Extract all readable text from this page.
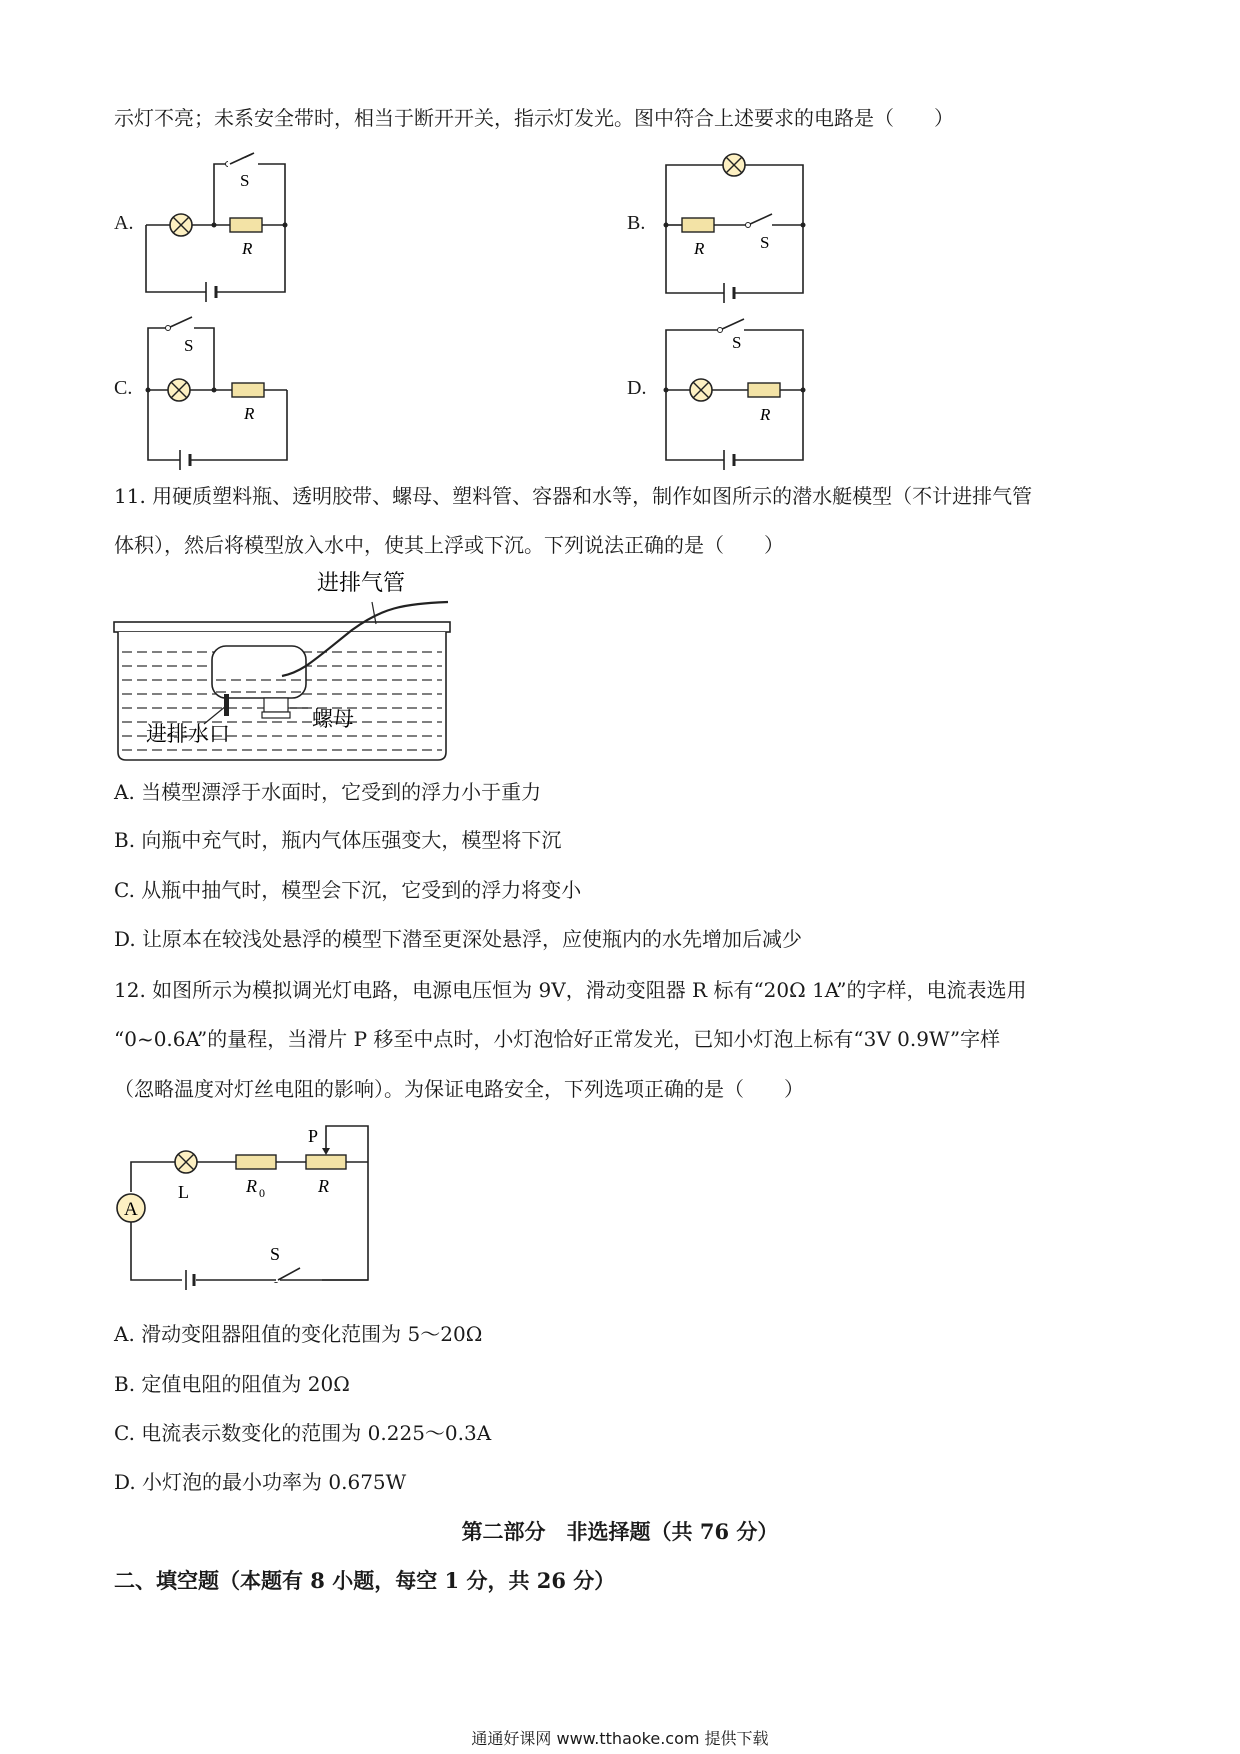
示灯不亮；未系安全带时，相当于断开开关，指示灯发光。图中符合上述要求的电路是（　　）
A.
S
R
B.
R	S
C.
S
R
D.
S
R
11. 用硬质塑料瓶、透明胶带、螺母、塑料管、容器和水等，制作如图所示的潜水艇模型（不计进排气管
体积），然后将模型放入水中，使其上浮或下沉。下列说法正确的是（　　）
进排气管
进排水口
螺母
A. 当模型漂浮于水面时，它受到的浮力小于重力
B. 向瓶中充气时，瓶内气体压强变大，模型将下沉
C. 从瓶中抽气时，模型会下沉，它受到的浮力将变小
D. 让原本在较浅处悬浮的模型下潜至更深处悬浮，应使瓶内的水先增加后减少
12. 如图所示为模拟调光灯电路，电源电压恒为 9V，滑动变阻器 R 标有“20Ω 1A”的字样，电流表选用
“0~0.6A”的量程，当滑片 P 移至中点时，小灯泡恰好正常发光，已知小灯泡上标有“3V 0.9W”字样
（忽略温度对灯丝电阻的影响）。为保证电路安全，下列选项正确的是（　　）
A
L	R 0
P
R
S
A. 滑动变阻器阻值的变化范围为 5～20Ω
B. 定值电阻的阻值为 20Ω
C. 电流表示数变化的范围为 0.225～0.3A
D. 小灯泡的最小功率为 0.675W
第二部分　非选择题（共 76 分）
二、填空题（本题有 8 小题，每空 1 分，共 26 分）
通通好课网 www.tthaoke.com 提供下载
